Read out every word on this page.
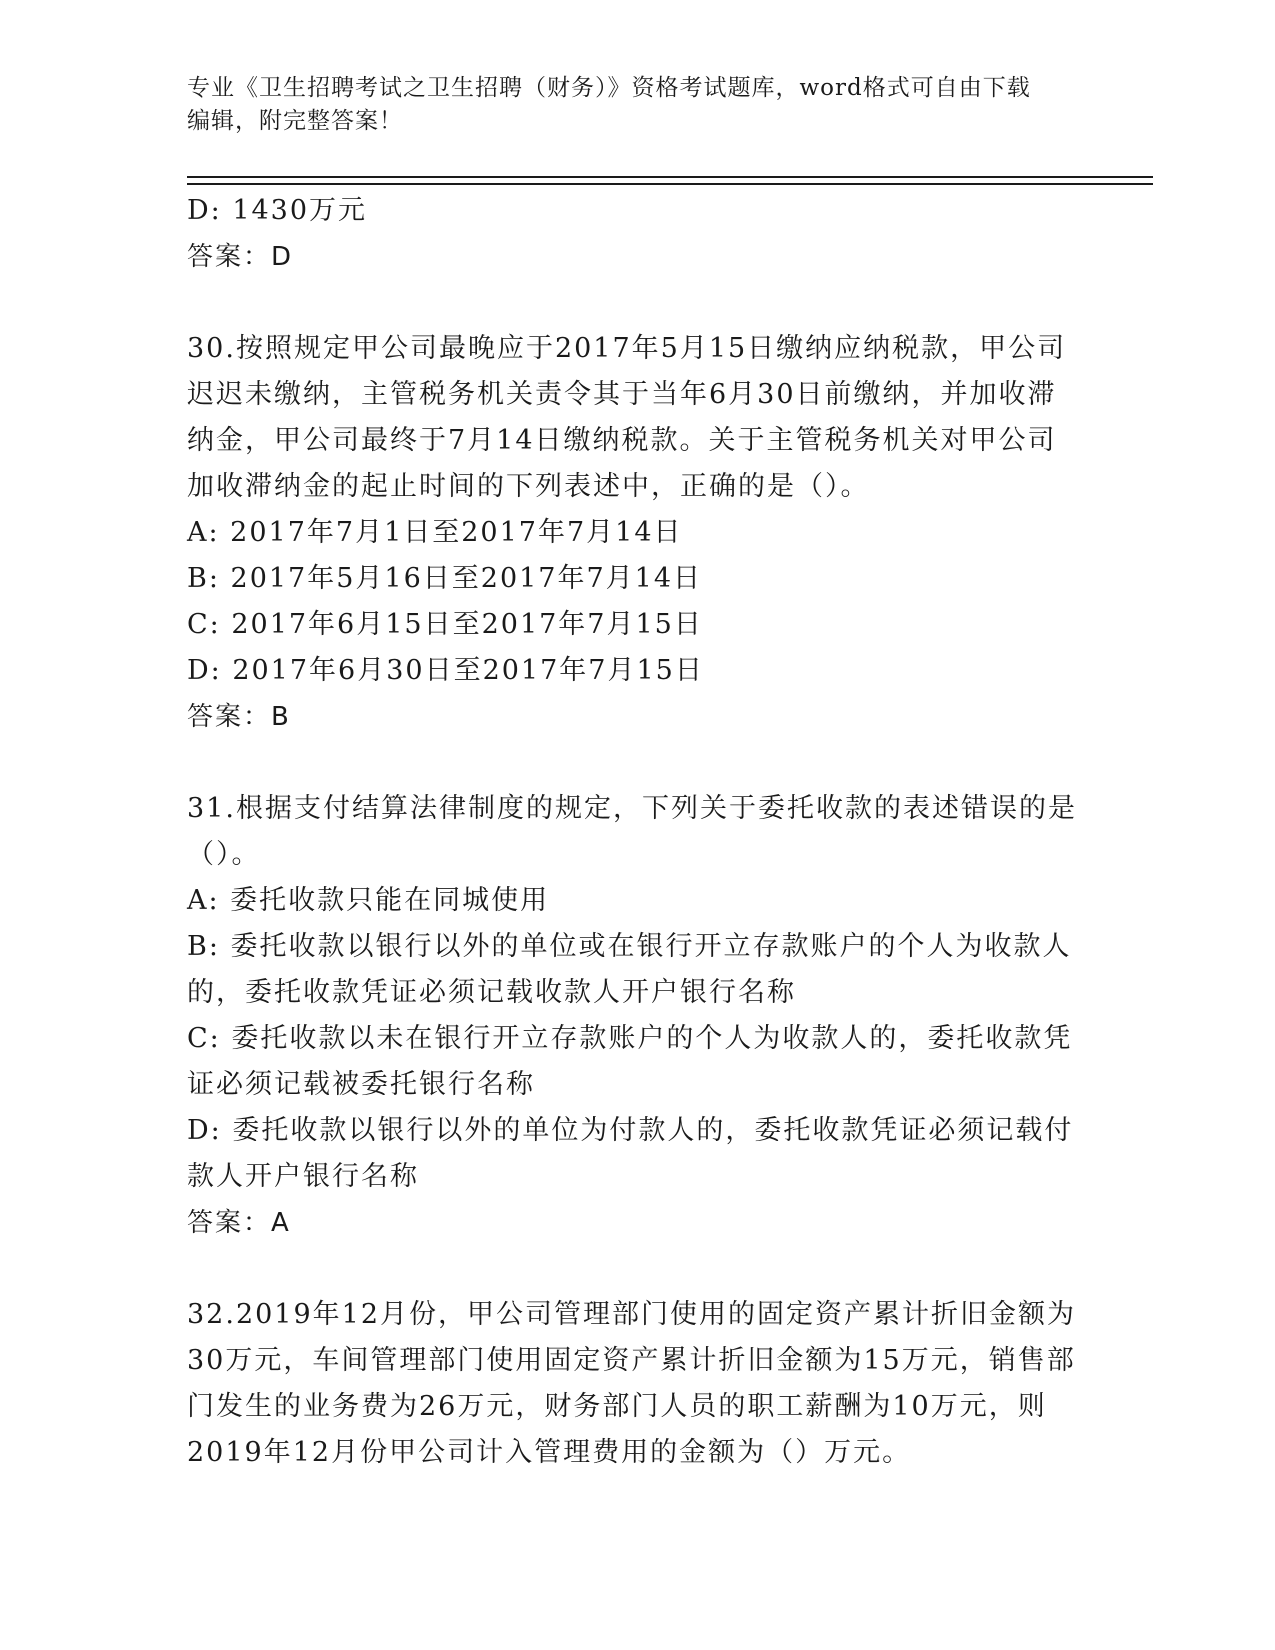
专业《卫生招聘考试之卫生招聘（财务）》资格考试题库，word格式可自由下载
编辑，附完整答案！
D: 1430万元
答案：D
30.按照规定甲公司最晚应于2017年5月15日缴纳应纳税款，甲公司
迟迟未缴纳，主管税务机关责令其于当年6月30日前缴纳，并加收滞
纳金，甲公司最终于7月14日缴纳税款。关于主管税务机关对甲公司
加收滞纳金的起止时间的下列表述中，正确的是（）。
A: 2017年7月1日至2017年7月14日
B: 2017年5月16日至2017年7月14日
C: 2017年6月15日至2017年7月15日
D: 2017年6月30日至2017年7月15日
答案：B
31.根据支付结算法律制度的规定，下列关于委托收款的表述错误的是
（）。
A: 委托收款只能在同城使用
B: 委托收款以银行以外的单位或在银行开立存款账户的个人为收款人
的，委托收款凭证必须记载收款人开户银行名称
C: 委托收款以未在银行开立存款账户的个人为收款人的，委托收款凭
证必须记载被委托银行名称
D: 委托收款以银行以外的单位为付款人的，委托收款凭证必须记载付
款人开户银行名称
答案：A
32.2019年12月份，甲公司管理部门使用的固定资产累计折旧金额为
30万元，车间管理部门使用固定资产累计折旧金额为15万元，销售部
门发生的业务费为26万元，财务部门人员的职工薪酬为10万元，则
2019年12月份甲公司计入管理费用的金额为（）万元。
